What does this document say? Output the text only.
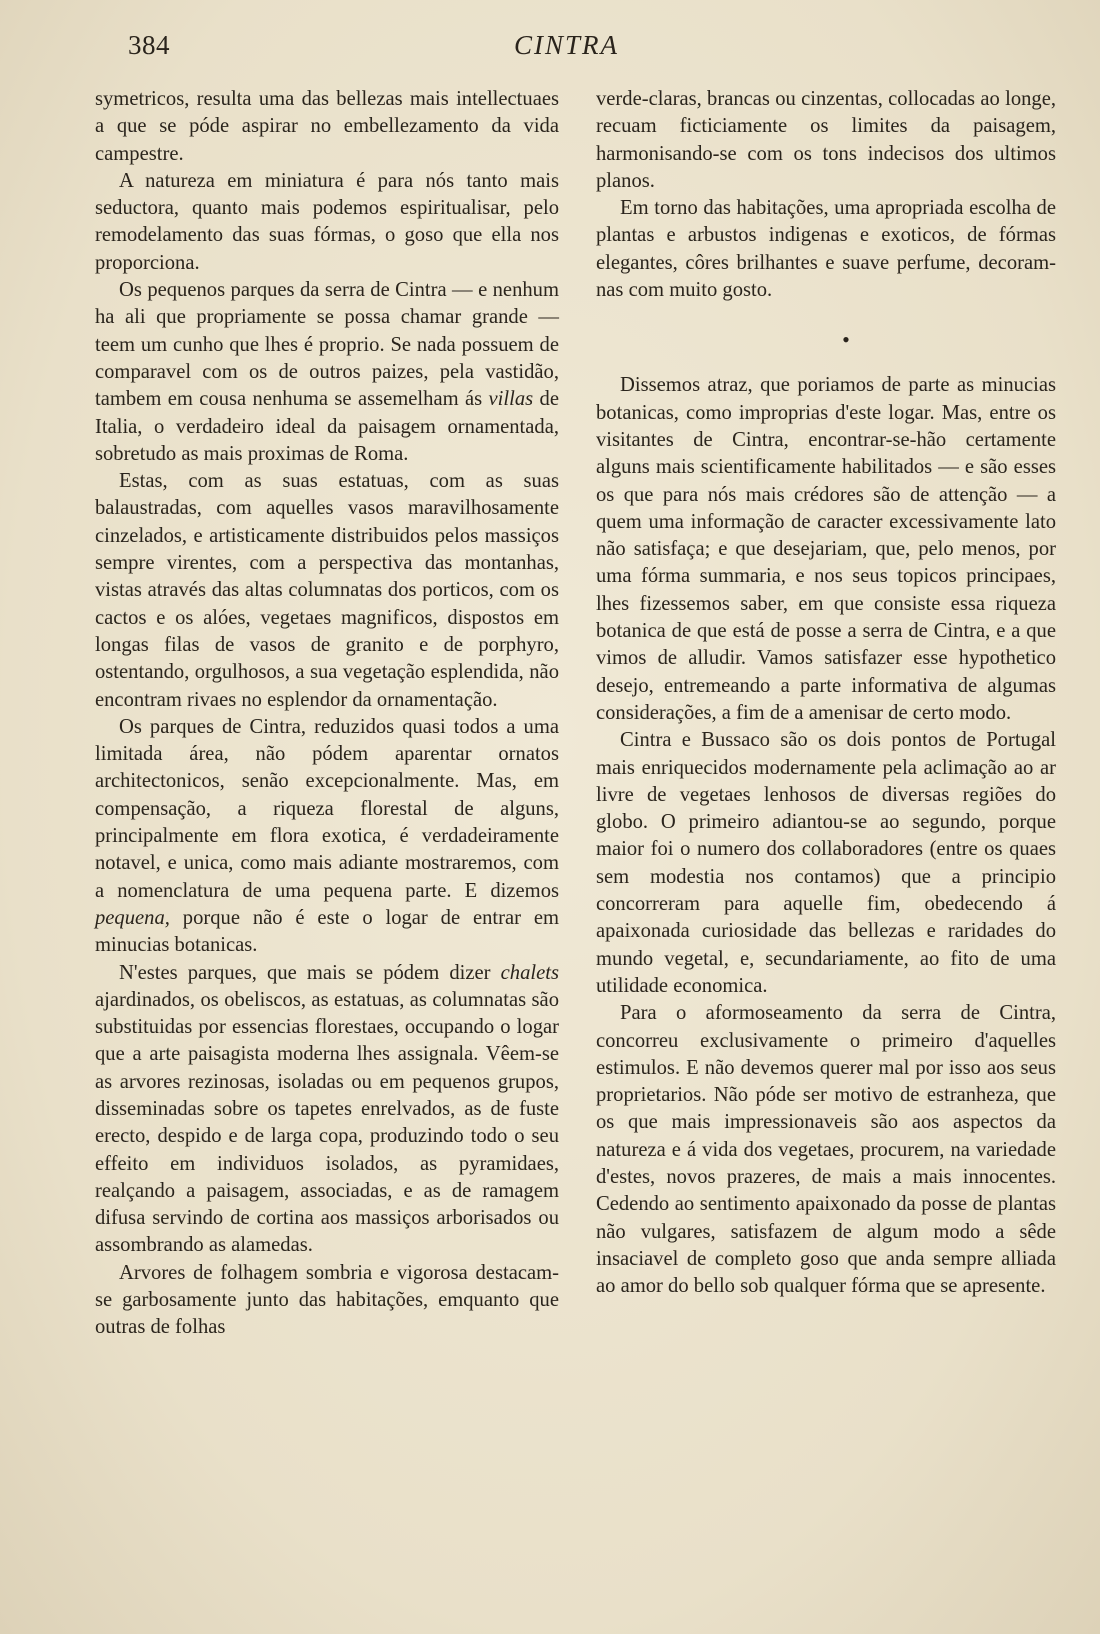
384	CINTRA

symetricos, resulta uma das bellezas mais intellectuaes a que se póde aspirar no embellezamento da vida campestre.

A natureza em miniatura é para nós tanto mais seductora, quanto mais podemos espiritualisar, pelo remodelamento das suas fórmas, o goso que ella nos proporciona.

Os pequenos parques da serra de Cintra — e nenhum ha ali que propriamente se possa chamar grande — teem um cunho que lhes é proprio. Se nada possuem de comparavel com os de outros paizes, pela vastidão, tambem em cousa nenhuma se assemelham ás villas de Italia, o verdadeiro ideal da paisagem ornamentada, sobretudo as mais proximas de Roma.

Estas, com as suas estatuas, com as suas balaustradas, com aquelles vasos maravilhosamente cinzelados, e artisticamente distribuidos pelos massiços sempre virentes, com a perspectiva das montanhas, vistas através das altas columnatas dos porticos, com os cactos e os alóes, vegetaes magnificos, dispostos em longas filas de vasos de granito e de porphyro, ostentando, orgulhosos, a sua vegetação esplendida, não encontram rivaes no esplendor da ornamentação.

Os parques de Cintra, reduzidos quasi todos a uma limitada área, não pódem aparentar ornatos architectonicos, senão excepcionalmente. Mas, em compensação, a riqueza florestal de alguns, principalmente em flora exotica, é verdadeiramente notavel, e unica, como mais adiante mostraremos, com a nomenclatura de uma pequena parte. E dizemos pequena, porque não é este o logar de entrar em minucias botanicas.

N'estes parques, que mais se pódem dizer chalets ajardinados, os obeliscos, as estatuas, as columnatas são substituidas por essencias florestaes, occupando o logar que a arte paisagista moderna lhes assignala. Vêem-se as arvores rezinosas, isoladas ou em pequenos grupos, disseminadas sobre os tapetes enrelvados, as de fuste erecto, despido e de larga copa, produzindo todo o seu effeito em individuos isolados, as pyramidaes, realçando a paisagem, associadas, e as de ramagem difusa servindo de cortina aos massiços arborisados ou assombrando as alamedas.

Arvores de folhagem sombria e vigorosa destacam-se garbosamente junto das habitações, emquanto que outras de folhas

verde-claras, brancas ou cinzentas, collocadas ao longe, recuam ficticiamente os limites da paisagem, harmonisando-se com os tons indecisos dos ultimos planos.

Em torno das habitações, uma apropriada escolha de plantas e arbustos indigenas e exoticos, de fórmas elegantes, côres brilhantes e suave perfume, decoram-nas com muito gosto.

•

Dissemos atraz, que poriamos de parte as minucias botanicas, como improprias d'este logar. Mas, entre os visitantes de Cintra, encontrar-se-hão certamente alguns mais scientificamente habilitados — e são esses os que para nós mais crédores são de attenção — a quem uma informação de caracter excessivamente lato não satisfaça; e que desejariam, que, pelo menos, por uma fórma summaria, e nos seus topicos principaes, lhes fizessemos saber, em que consiste essa riqueza botanica de que está de posse a serra de Cintra, e a que vimos de alludir. Vamos satisfazer esse hypothetico desejo, entremeando a parte informativa de algumas considerações, a fim de a amenisar de certo modo.

Cintra e Bussaco são os dois pontos de Portugal mais enriquecidos modernamente pela aclimação ao ar livre de vegetaes lenhosos de diversas regiões do globo. O primeiro adiantou-se ao segundo, porque maior foi o numero dos collaboradores (entre os quaes sem modestia nos contamos) que a principio concorreram para aquelle fim, obedecendo á apaixonada curiosidade das bellezas e raridades do mundo vegetal, e, secundariamente, ao fito de uma utilidade economica.

Para o aformoseamento da serra de Cintra, concorreu exclusivamente o primeiro d'aquelles estimulos. E não devemos querer mal por isso aos seus proprietarios. Não póde ser motivo de estranheza, que os que mais impressionaveis são aos aspectos da natureza e á vida dos vegetaes, procurem, na variedade d'estes, novos prazeres, de mais a mais innocentes. Cedendo ao sentimento apaixonado da posse de plantas não vulgares, satisfazem de algum modo a sêde insaciavel de completo goso que anda sempre alliada ao amor do bello sob qualquer fórma que se apresente.
